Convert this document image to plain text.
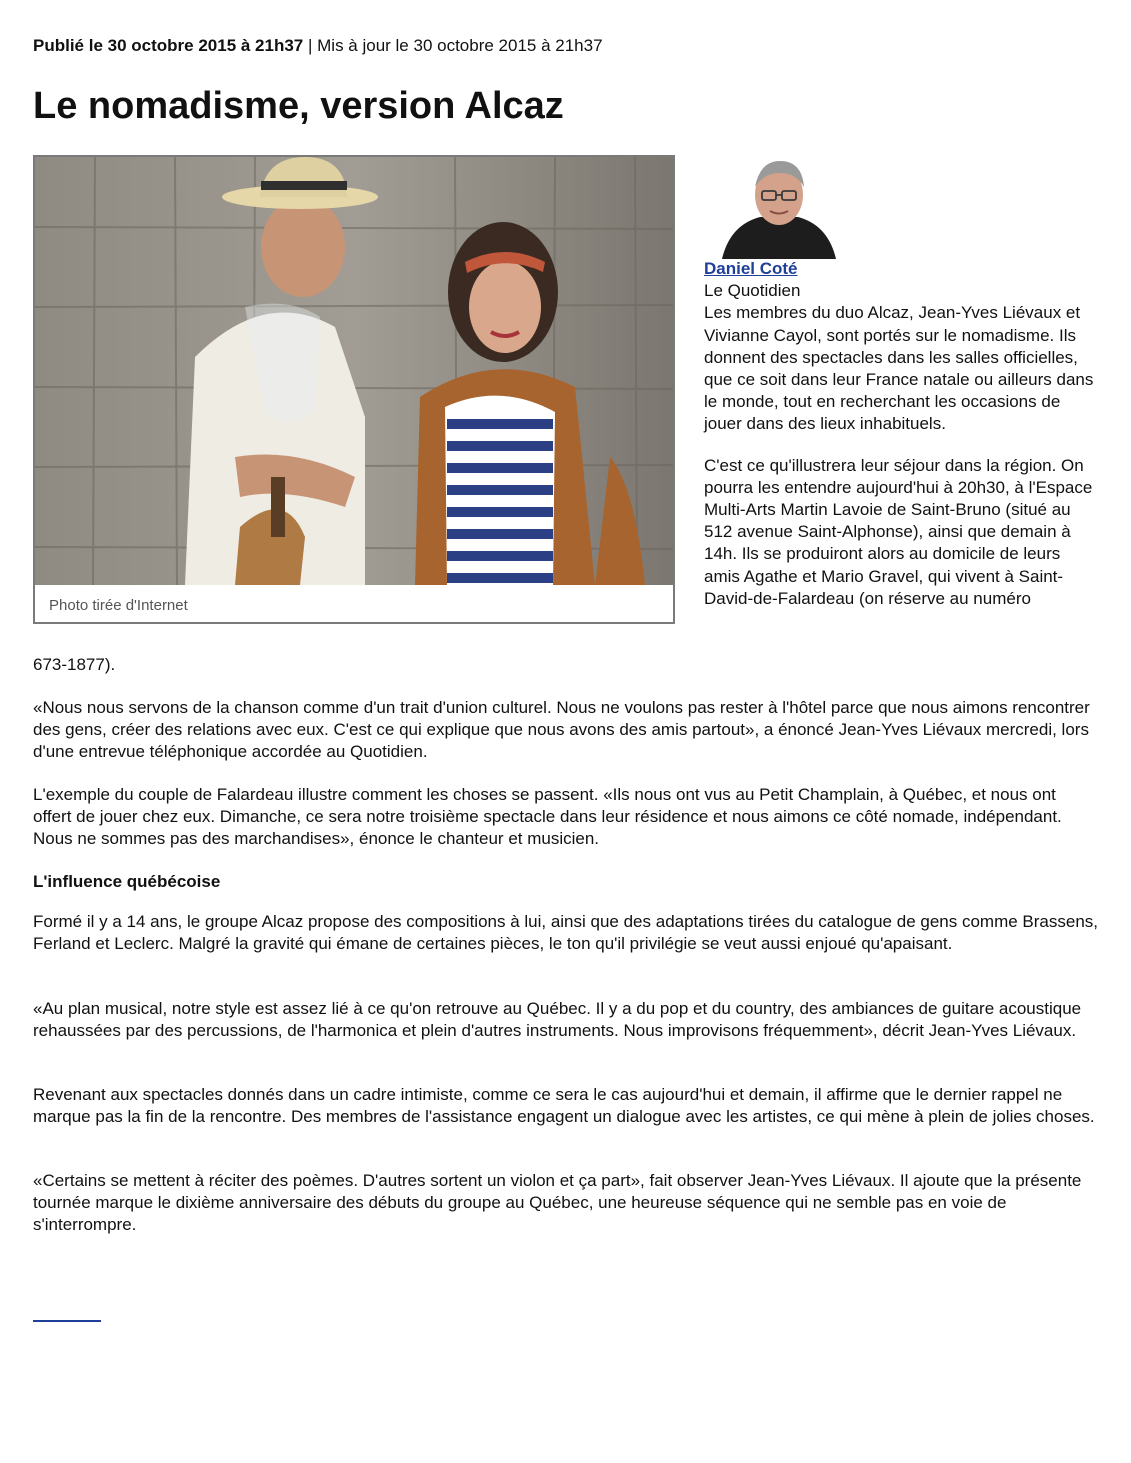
Publié le 30 octobre 2015 à 21h37 | Mis à jour le 30 octobre 2015 à 21h37
Le nomadisme, version Alcaz
Photo tirée d'Internet
Daniel Coté

Le Quotidien

Les membres du duo Alcaz, Jean-Yves Liévaux et Vivianne Cayol, sont portés sur le nomadisme. Ils donnent des spectacles dans les salles officielles, que ce soit dans leur France natale ou ailleurs dans le monde, tout en recherchant les occasions de jouer dans des lieux inhabituels.

C'est ce qu'illustrera leur séjour dans la région. On pourra les entendre aujourd'hui à 20h30, à l'Espace Multi-Arts Martin Lavoie de Saint-Bruno (situé au 512 avenue Saint-Alphonse), ainsi que demain à 14h. Ils se produiront alors au domicile de leurs amis Agathe et Mario Gravel, qui vivent à Saint-David-de-Falardeau (on réserve au numéro

673-1877).

«Nous nous servons de la chanson comme d'un trait d'union culturel. Nous ne voulons pas rester à l'hôtel parce que nous aimons rencontrer des gens, créer des relations avec eux. C'est ce qui explique que nous avons des amis partout», a énoncé Jean-Yves Liévaux mercredi, lors d'une entrevue téléphonique accordée au Quotidien.

L'exemple du couple de Falardeau illustre comment les choses se passent. «Ils nous ont vus au Petit Champlain, à Québec, et nous ont offert de jouer chez eux. Dimanche, ce sera notre troisième spectacle dans leur résidence et nous aimons ce côté nomade, indépendant. Nous ne sommes pas des marchandises», énonce le chanteur et musicien.

L'influence québécoise

Formé il y a 14 ans, le groupe Alcaz propose des compositions à lui, ainsi que des adaptations tirées du catalogue de gens comme Brassens, Ferland et Leclerc. Malgré la gravité qui émane de certaines pièces, le ton qu'il privilégie se veut aussi enjoué qu'apaisant.

«Au plan musical, notre style est assez lié à ce qu'on retrouve au Québec. Il y a du pop et du country, des ambiances de guitare acoustique rehaussées par des percussions, de l'harmonica et plein d'autres instruments. Nous improvisons fréquemment», décrit Jean-Yves Liévaux.

Revenant aux spectacles donnés dans un cadre intimiste, comme ce sera le cas aujourd'hui et demain, il affirme que le dernier rappel ne marque pas la fin de la rencontre. Des membres de l'assistance engagent un dialogue avec les artistes, ce qui mène à plein de jolies choses.

«Certains se mettent à réciter des poèmes. D'autres sortent un violon et ça part», fait observer Jean-Yves Liévaux. Il ajoute que la présente tournée marque le dixième anniversaire des débuts du groupe au Québec, une heureuse séquence qui ne semble pas en voie de s'interrompre.
